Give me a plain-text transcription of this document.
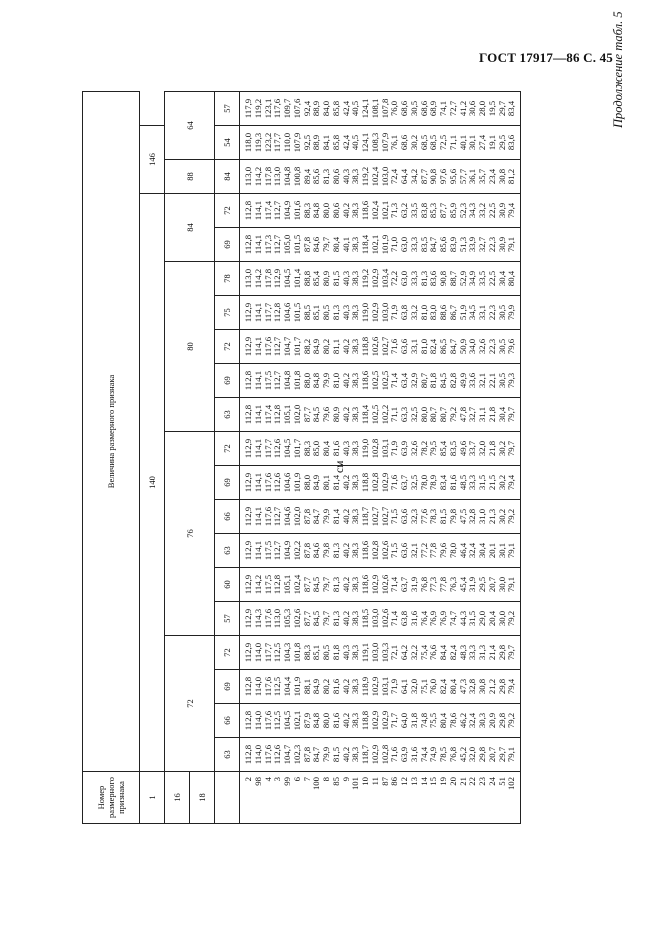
ГОСТ 17917—86 С. 45
Продолжение табл. 5
см
Номер размерного признака	Величина размерного признака																			
1	140																	146		
16	72				76						80					84		88	64	
18																				
	63	66	69	72	57	60	63	66	69	72	63	69	72	75	78	69	72	84	54	57
2	112,8	112,8	112,8	112,9	112,9	112,9	112,9	112,9	112,9	112,9	112,8	112,8	112,9	112,9	113,0	112,8	112,8	113,0	118,0	117,9
98	114,0	114,0	114,0	114,0	114,3	114,2	114,1	114,1	114,1	114,1	114,1	114,1	114,1	114,1	114,2	114,1	114,1	114,2	119,3	119,2
4	117,6	117,6	117,6	117,7	117,6	117,5	117,5	117,6	117,6	117,7	117,4	117,5	117,6	117,7	117,8	117,3	117,4	117,8	123,2	123,1
3	112,6	112,5	112,5	112,5	113,0	112,8	112,7	112,7	112,6	112,6	112,8	112,7	112,7	112,8	112,9	112,7	112,7	113,0	117,7	117,6
99	104,7	104,5	104,4	104,3	105,3	105,1	104,9	104,6	104,6	104,5	105,1	104,8	104,7	104,6	104,5	105,0	104,9	104,8	110,0	109,7
6	102,3	102,1	101,9	101,8	102,6	102,4	102,2	102,0	101,9	101,7	102,0	101,8	101,7	101,5	101,4	101,5	101,6	100,8	107,9	107,6
7	87,8	87,9	88,1	88,3	87,7	87,7	87,8	87,8	88,0	88,3	87,7	88,0	88,2	88,5	88,8	87,8	88,3	89,4	92,5	92,4
100	84,7	84,8	84,9	85,1	84,5	84,5	84,6	84,7	84,9	85,0	84,5	84,8	84,9	85,1	85,4	84,6	84,8	85,6	88,9	88,9
8	79,9	80,0	80,2	80,5	79,7	79,7	79,8	79,9	80,1	80,4	79,6	79,9	80,2	80,5	80,9	79,7	80,0	81,3	84,1	84,0
85	81,5	81,6	81,6	81,8	81,3	81,3	81,3	81,4	81,4	81,6	80,9	81,0	81,1	81,3	81,5	80,4	80,6	80,6	85,8	85,8
9	40,2	40,2	40,2	40,3	40,2	40,2	40,2	40,2	40,2	40,3	40,2	40,2	40,2	40,3	40,3	40,1	40,2	40,3	42,4	42,4
101	38,3	38,3	38,3	38,3	38,3	38,3	38,3	38,3	38,3	38,3	38,3	38,3	38,3	38,3	38,3	38,3	38,3	38,3	40,5	40,5
10	118,7	118,8	118,9	119,1	118,5	118,6	118,6	118,7	118,8	119,0	118,4	118,6	118,8	119,0	119,2	118,4	118,6	119,2	124,1	124,1
11	102,9	102,9	102,9	103,0	103,0	102,9	102,8	102,7	102,8	102,8	102,5	102,5	102,6	102,9	102,9	102,1	102,4	102,4	108,3	108,1
87	102,8	102,9	103,1	103,3	102,6	102,6	102,6	102,7	102,9	103,1	102,2	102,5	102,7	103,0	103,4	101,9	102,1	103,0	107,9	107,8
86	71,6	71,7	71,9	72,1	71,4	71,4	71,5	71,5	71,6	71,9	71,1	71,4	71,6	71,9	72,2	71,0	71,3	72,4	76,1	76,0
12	63,9	64,0	64,1	64,2	63,8	63,7	63,6	63,6	63,7	63,9	63,3	63,4	63,6	63,8	63,0	63,0	63,2	64,4	68,6	68,6
13	31,6	31,8	32,0	32,2	31,6	31,9	32,1	32,3	32,5	32,6	32,5	32,9	33,1	33,2	33,3	33,3	33,5	34,2	30,2	30,5
14	74,4	74,8	75,1	75,4	76,4	76,8	77,2	77,6	78,0	78,2	80,0	80,7	81,0	81,0	81,3	83,5	83,8	87,7	68,5	68,6
15	74,9	75,5	76,0	76,6	76,9	77,3	77,8	78,3	78,9	79,5	80,7	81,8	82,4	83,0	83,6	84,7	85,3	90,8	68,5	68,9
19	78,5	80,4	82,4	84,4	76,9	77,8	79,6	81,5	83,4	85,4	80,7	84,5	86,5	88,6	90,8	85,6	87,7	97,6	72,5	74,1
20	76,8	78,6	80,4	82,4	74,7	76,3	78,0	79,8	81,6	83,5	79,2	82,8	84,7	86,7	88,7	83,9	85,9	95,6	71,1	72,7
21	45,2	46,2	47,3	48,3	44,3	45,4	46,4	47,5	48,5	49,6	47,8	49,9	50,9	51,9	52,9	51,3	52,3	57,7	40,1	41,2
22	32,0	32,4	32,8	33,3	31,5	31,9	32,4	32,8	33,3	33,7	32,7	33,6	34,0	34,5	34,9	33,9	34,3	36,1	30,1	30,6
23	29,8	30,3	30,8	31,3	29,0	29,5	30,4	31,0	31,5	32,0	31,1	32,1	32,6	33,1	33,5	32,7	33,2	35,7	27,4	28,0
24	20,7	20,9	21,2	21,4	20,4	20,7	20,1	21,3	21,5	21,8	21,8	22,1	22,3	22,3	22,5	22,3	22,5	23,4	19,1	19,5
51	29,7	29,8	29,8	29,8	30,0	30,0	30,1	30,2	30,2	30,2	30,4	30,5	30,5	30,5	30,4	30,9	30,9	30,8	29,5	29,7
102	79,1	79,2	79,4	79,7	79,2	79,1	79,1	79,2	79,4	79,7	79,7	79,3	79,6	79,9	80,4	79,1	79,4	81,2	83,6	83,4
